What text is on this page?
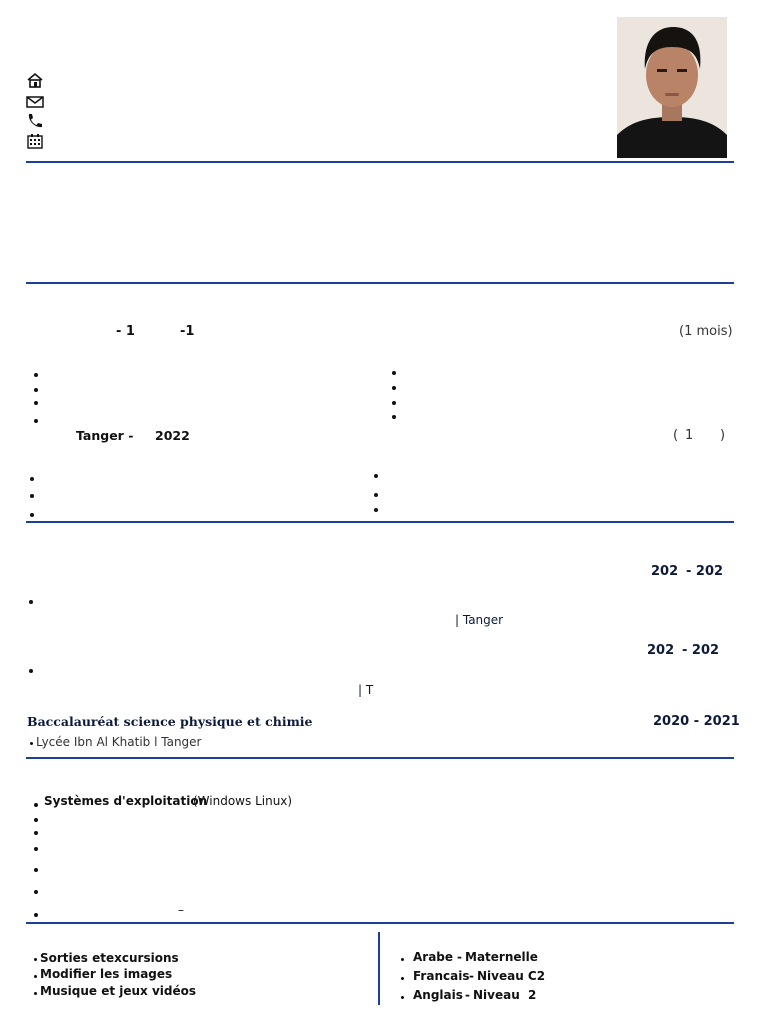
- 1	-1	(1 mois)
Tanger - 2022	( 1 )
202 - 202
| Tanger
202 - 202
| T
Baccalauréat science physique et chimie	2020 - 2021
Lycée Ibn Al Khatib l Tanger
Systèmes d'exploitation
(Windows Linux)
–
Sorties etexcursions
Modifier les images
Musique et jeux vidéos
Arabe - Maternelle
Francais - Niveau C2
Anglais - Niveau 2
